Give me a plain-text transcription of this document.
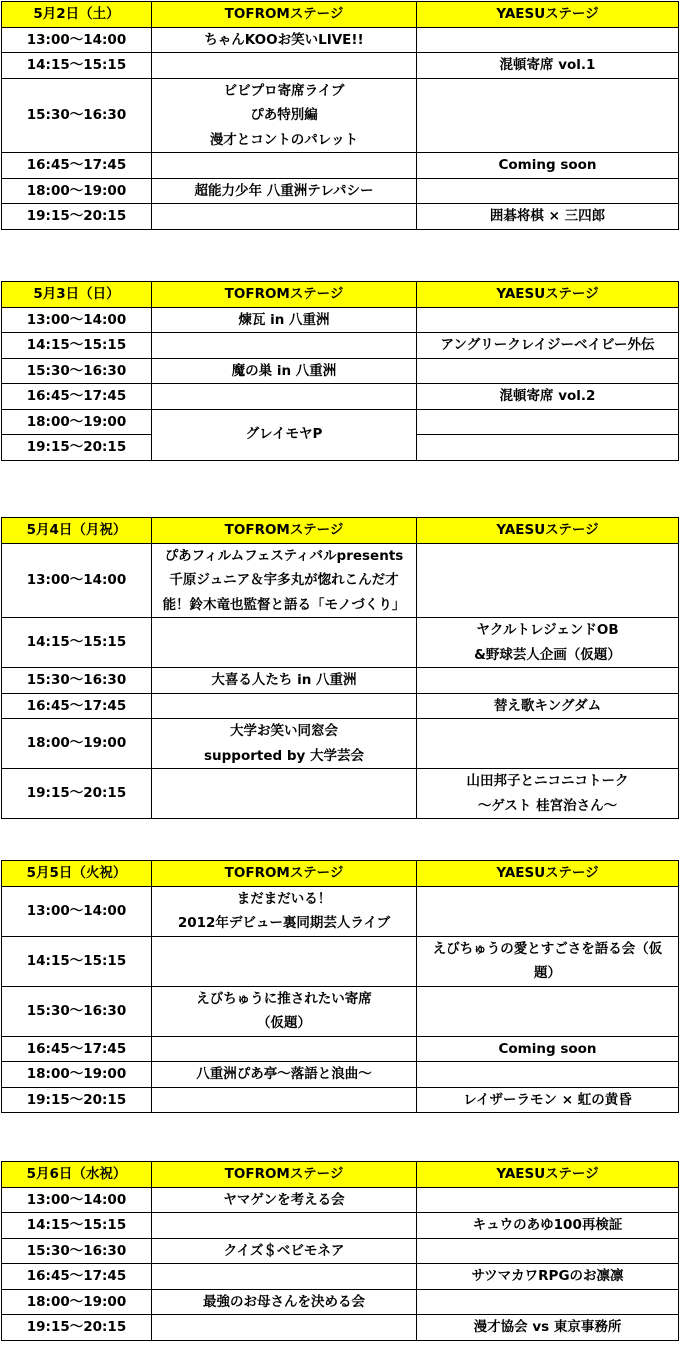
5月2日（土）	TOFROMステージ	YAESUステージ
13:00〜14:00	ちゃんKOOお笑いLIVE!!	

14:15〜15:15		混頓寄席 vol.1

15:30〜16:30	ビビプロ寄席ライブ
ぴあ特別編
漫才とコントのパレット	

16:45〜17:45		Coming soon

18:00〜19:00	超能力少年 八重洲テレパシー	

19:15〜20:15		囲碁将棋 × 三四郎
5月3日（日）	TOFROMステージ	YAESUステージ
13:00〜14:00	煉瓦 in 八重洲	

14:15〜15:15		アングリークレイジーベイビー外伝

15:30〜16:30	魔の巣 in 八重洲	

16:45〜17:45		混頓寄席 vol.2

18:00〜19:00	グレイモヤP	

19:15〜20:15		
5月4日（月祝）	TOFROMステージ	YAESUステージ
13:00〜14:00	ぴあフィルムフェスティバルpresents
千原ジュニア＆宇多丸が惚れこんだ才
能！鈴木竜也監督と語る「モノづくり」	

14:15〜15:15		ヤクルトレジェンドOB
&野球芸人企画（仮題）

15:30〜16:30	大喜る人たち in 八重洲	

16:45〜17:45		替え歌キングダム

18:00〜19:00	大学お笑い同窓会
supported by 大学芸会	

19:15〜20:15		山田邦子とニコニコトーク
〜ゲスト 桂宮治さん〜
5月5日（火祝）	TOFROMステージ	YAESUステージ
13:00〜14:00	まだまだいる！
2012年デビュー裏同期芸人ライブ	

14:15〜15:15		えびちゅうの愛とすごさを語る会（仮
題）

15:30〜16:30	えびちゅうに推されたい寄席
（仮題）	

16:45〜17:45		Coming soon

18:00〜19:00	八重洲ぴあ亭〜落語と浪曲〜	

19:15〜20:15		レイザーラモン × 虹の黄昏
5月6日（水祝）	TOFROMステージ	YAESUステージ
13:00〜14:00	ヤマゲンを考える会	

14:15〜15:15		キュウのあゆ100再検証

15:30〜16:30	クイズ＄ベビモネア	

16:45〜17:45		サツマカワRPGのお凛凛

18:00〜19:00	最強のお母さんを決める会	

19:15〜20:15		漫才協会 vs 東京事務所
